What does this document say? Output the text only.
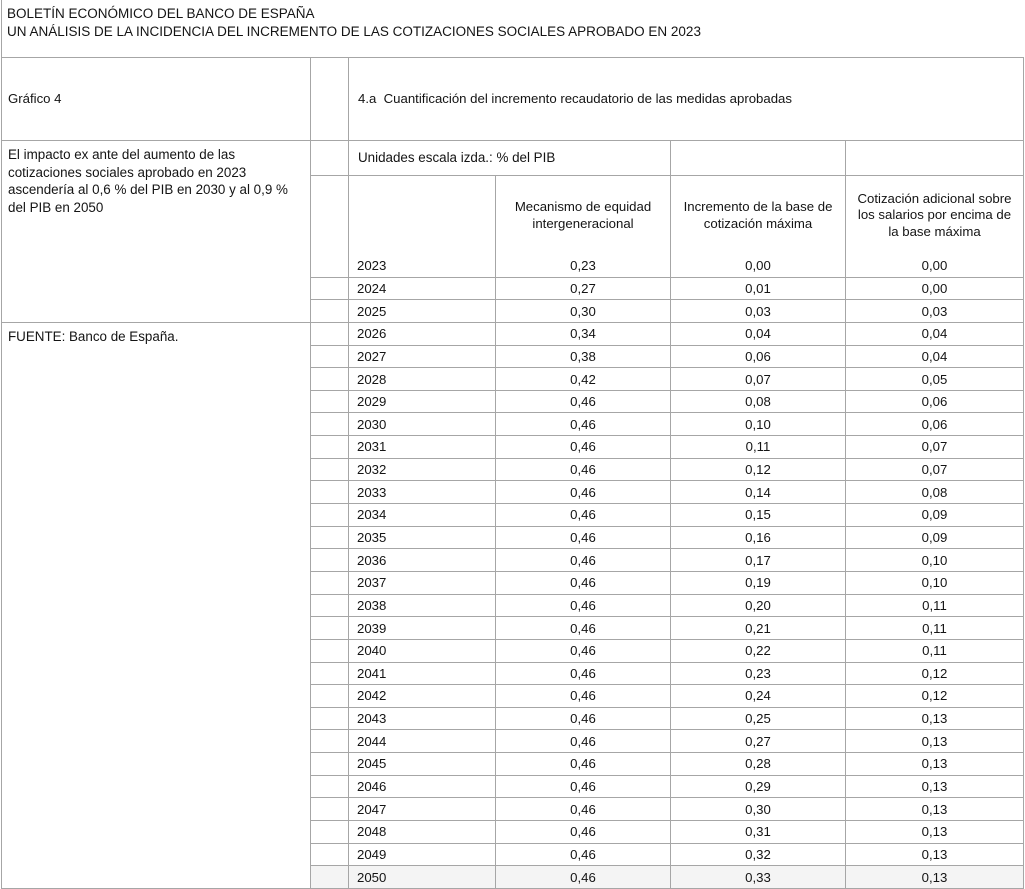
BOLETÍN ECONÓMICO DEL BANCO DE ESPAÑA
UN ANÁLISIS DE LA INCIDENCIA DEL INCREMENTO DE LAS COTIZACIONES SOCIALES APROBADO EN 2023
Gráfico 4	4.a  Cuantificación del incremento recaudatorio de las medidas aprobadas
El impacto ex ante del aumento de las cotizaciones sociales aprobado en 2023 ascendería al 0,6 % del PIB en 2030 y al 0,9 % del PIB en 2050
FUENTE: Banco de España.
Unidades escala izda.: % del PIB
Mecanismo de equidad intergeneracional
Incremento de la base de cotización máxima
Cotización adicional sobre los salarios por encima de la base máxima
2023	0,23	0,00	0,00
2024	0,27	0,01	0,00
2025	0,30	0,03	0,03
2026	0,34	0,04	0,04
2027	0,38	0,06	0,04
2028	0,42	0,07	0,05
2029	0,46	0,08	0,06
2030	0,46	0,10	0,06
2031	0,46	0,11	0,07
2032	0,46	0,12	0,07
2033	0,46	0,14	0,08
2034	0,46	0,15	0,09
2035	0,46	0,16	0,09
2036	0,46	0,17	0,10
2037	0,46	0,19	0,10
2038	0,46	0,20	0,11
2039	0,46	0,21	0,11
2040	0,46	0,22	0,11
2041	0,46	0,23	0,12
2042	0,46	0,24	0,12
2043	0,46	0,25	0,13
2044	0,46	0,27	0,13
2045	0,46	0,28	0,13
2046	0,46	0,29	0,13
2047	0,46	0,30	0,13
2048	0,46	0,31	0,13
2049	0,46	0,32	0,13
2050	0,46	0,33	0,13
